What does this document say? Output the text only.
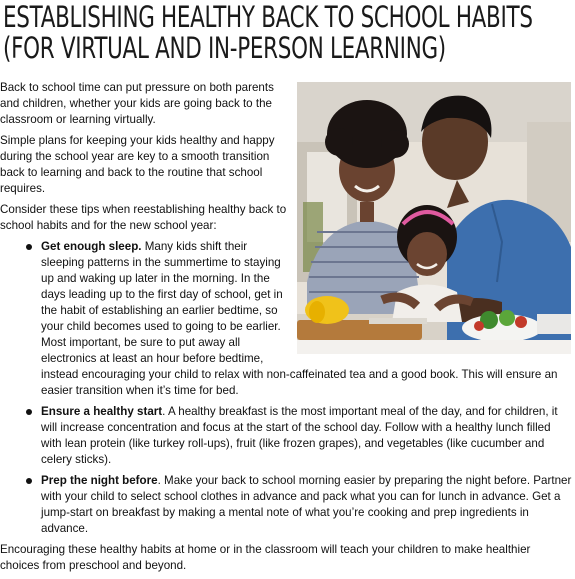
ESTABLISHING HEALTHY BACK TO SCHOOL HABITS
(FOR VIRTUAL AND IN-PERSON LEARNING)

Back to school time can put pressure on both parents and children, whether your kids are going back to the classroom or learning virtually.

Simple plans for keeping your kids healthy and happy during the school year are key to a smooth transition back to learning and back to the routine that school requires.

Consider these tips when reestablishing healthy back to school habits and for the new school year:

Get enough sleep. Many kids shift their sleeping patterns in the summertime to staying up and waking up later in the morning. In the days leading up to the first day of school, get in the habit of establishing an earlier bedtime, so your child becomes used to going to be earlier. Most important, be sure to put away all electronics at least an hour before bedtime, instead encouraging your child to relax with non-caffeinated tea and a good book. This will ensure an easier transition when it’s time for bed.
Ensure a healthy start. A healthy breakfast is the most important meal of the day, and for children, it will increase concentration and focus at the start of the school day. Follow with a healthy lunch filled with lean protein (like turkey roll-ups), fruit (like frozen grapes), and vegetables (like cucumber and celery sticks).
Prep the night before. Make your back to school morning easier by preparing the night before. Partner with your child to select school clothes in advance and pack what you can for lunch in advance. Get a jump-start on breakfast by making a mental note of what you’re cooking and prep ingredients in advance.

Encouraging these healthy habits at home or in the classroom will teach your children to make healthier choices from preschool and beyond.
